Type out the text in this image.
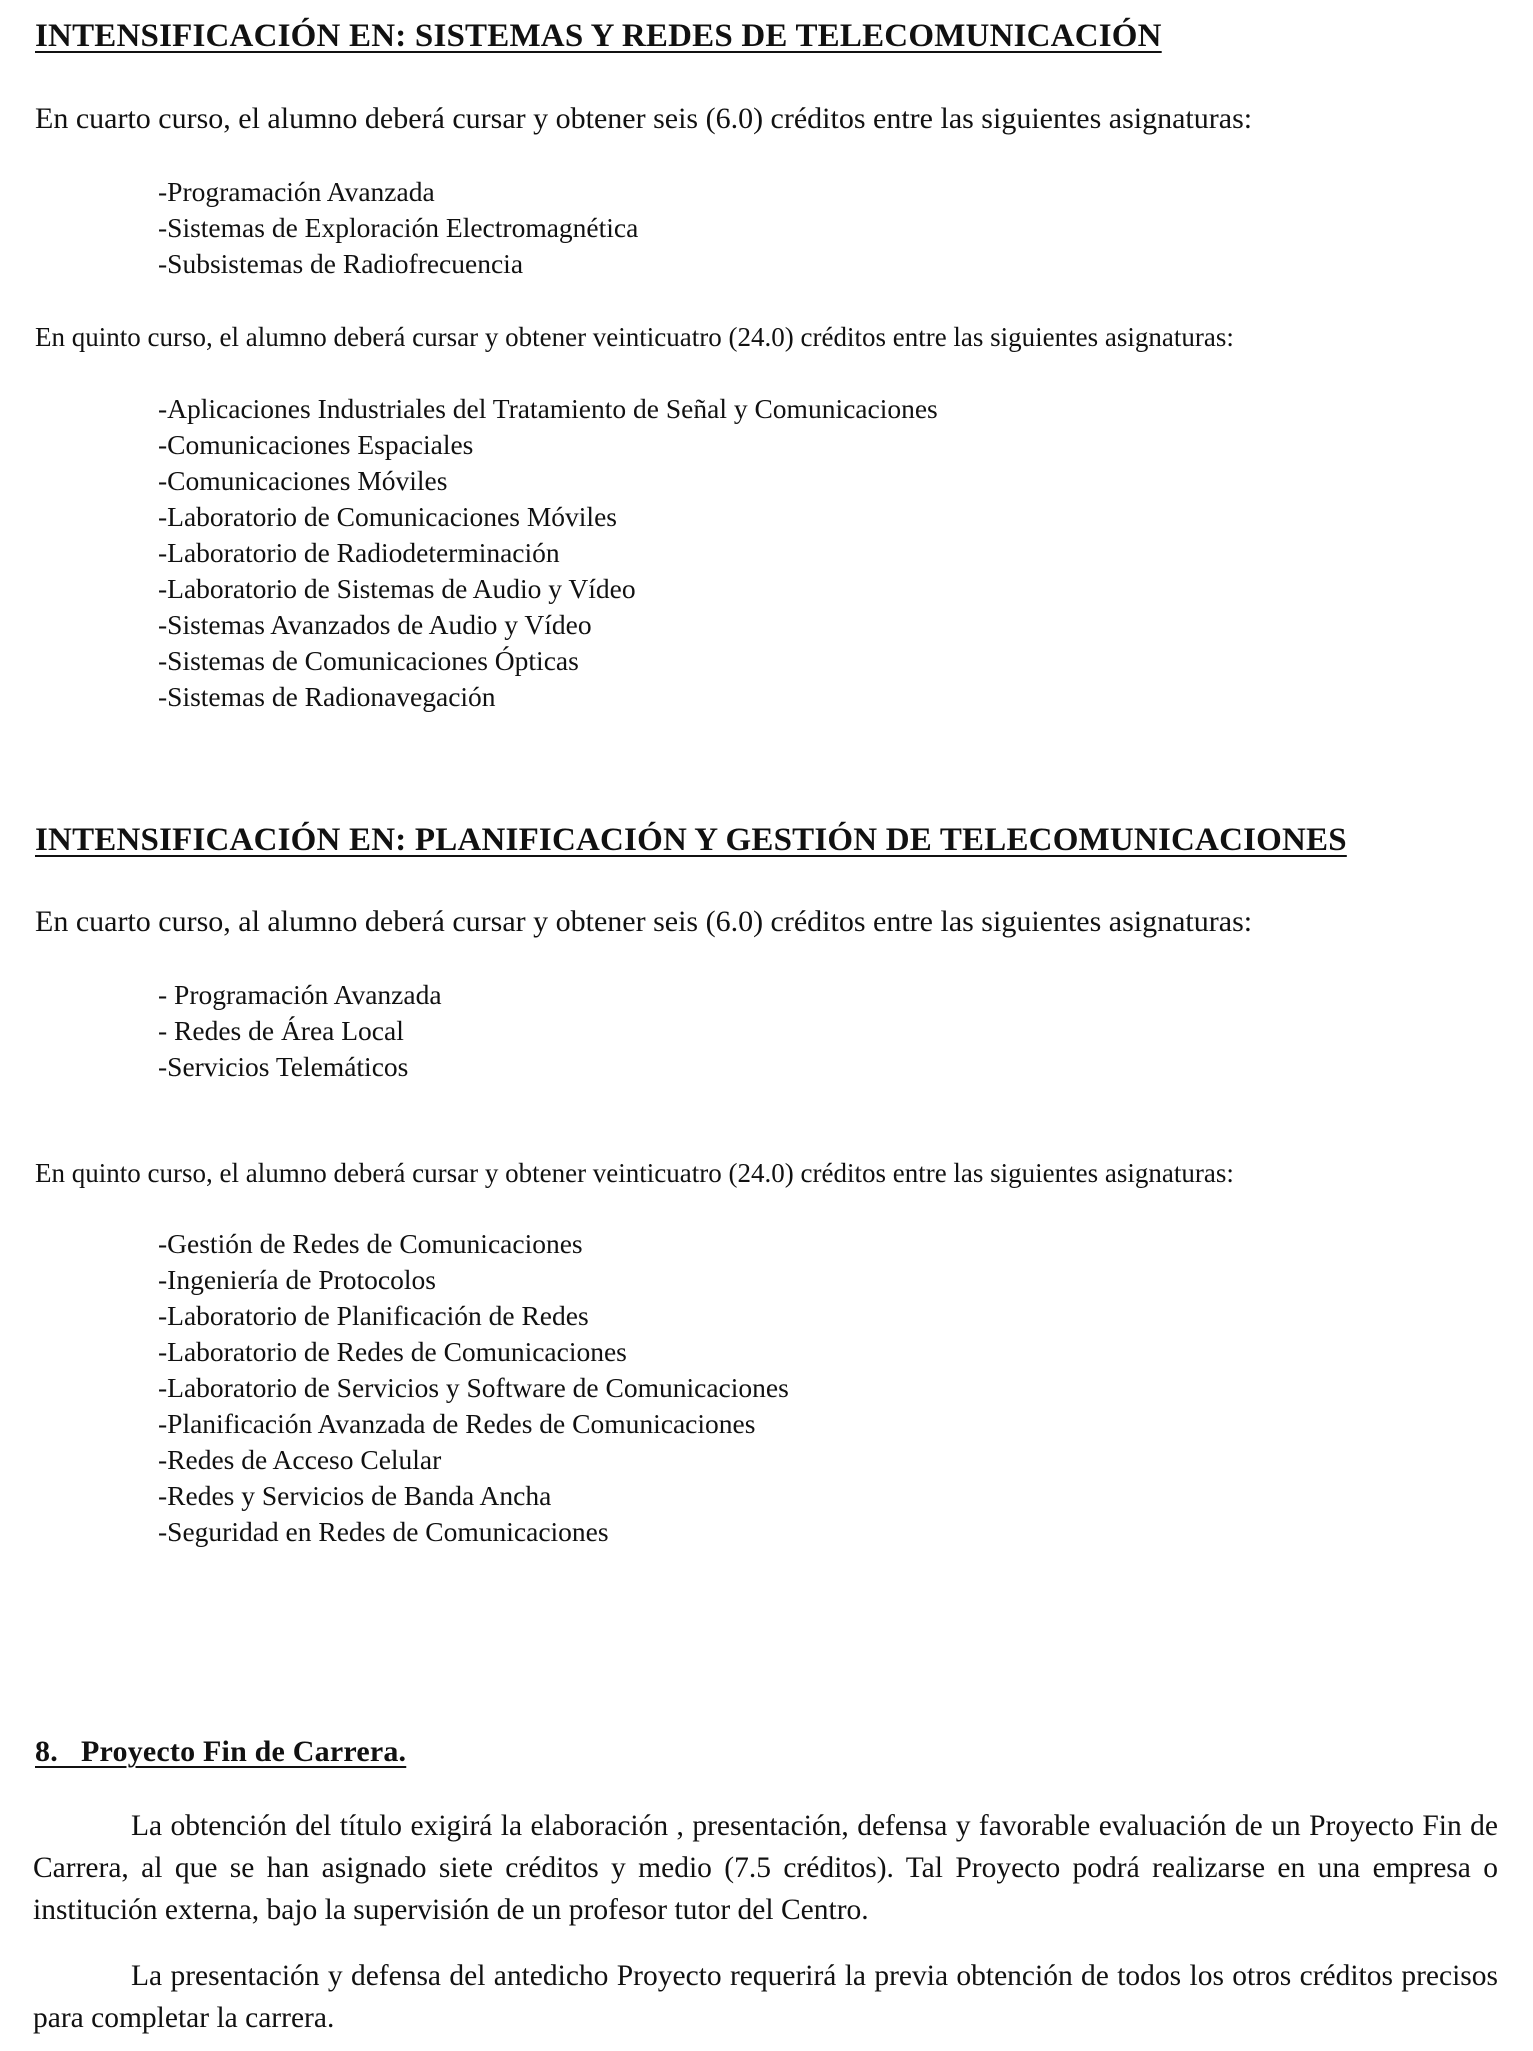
INTENSIFICACIÓN EN: SISTEMAS Y REDES DE TELECOMUNICACIÓN

En cuarto curso, el alumno deberá cursar y obtener seis (6.0) créditos entre las siguientes asignaturas:

-Programación Avanzada
-Sistemas de Exploración Electromagnética
-Subsistemas de Radiofrecuencia

En quinto curso, el alumno deberá cursar y obtener veinticuatro (24.0) créditos entre las siguientes asignaturas:

-Aplicaciones Industriales del Tratamiento de Señal y Comunicaciones
-Comunicaciones Espaciales
-Comunicaciones Móviles
-Laboratorio de Comunicaciones Móviles
-Laboratorio de Radiodeterminación
-Laboratorio de Sistemas de Audio y Vídeo
-Sistemas Avanzados de Audio y Vídeo
-Sistemas de Comunicaciones Ópticas
-Sistemas de Radionavegación
INTENSIFICACIÓN EN: PLANIFICACIÓN Y GESTIÓN DE TELECOMUNICACIONES

En cuarto curso, al alumno deberá cursar y obtener seis (6.0) créditos entre las siguientes asignaturas:

- Programación Avanzada
- Redes de Área Local
-Servicios Telemáticos

En quinto curso, el alumno deberá cursar y obtener veinticuatro (24.0) créditos entre las siguientes asignaturas:

-Gestión de Redes de Comunicaciones
-Ingeniería de Protocolos
-Laboratorio de Planificación de Redes
-Laboratorio de Redes de Comunicaciones
-Laboratorio de Servicios y Software de Comunicaciones
-Planificación Avanzada de Redes de Comunicaciones
-Redes de Acceso Celular
-Redes y Servicios de Banda Ancha
-Seguridad en Redes de Comunicaciones
8.   Proyecto Fin de Carrera.

La obtención del título exigirá la elaboración , presentación, defensa y favorable evaluación de un Proyecto Fin de Carrera, al que se han asignado siete créditos y medio (7.5 créditos). Tal Proyecto podrá realizarse en una empresa o institución externa, bajo la supervisión de un profesor tutor del Centro.

La presentación y defensa del antedicho Proyecto requerirá la previa obtención de todos los otros créditos precisos para completar la carrera.
